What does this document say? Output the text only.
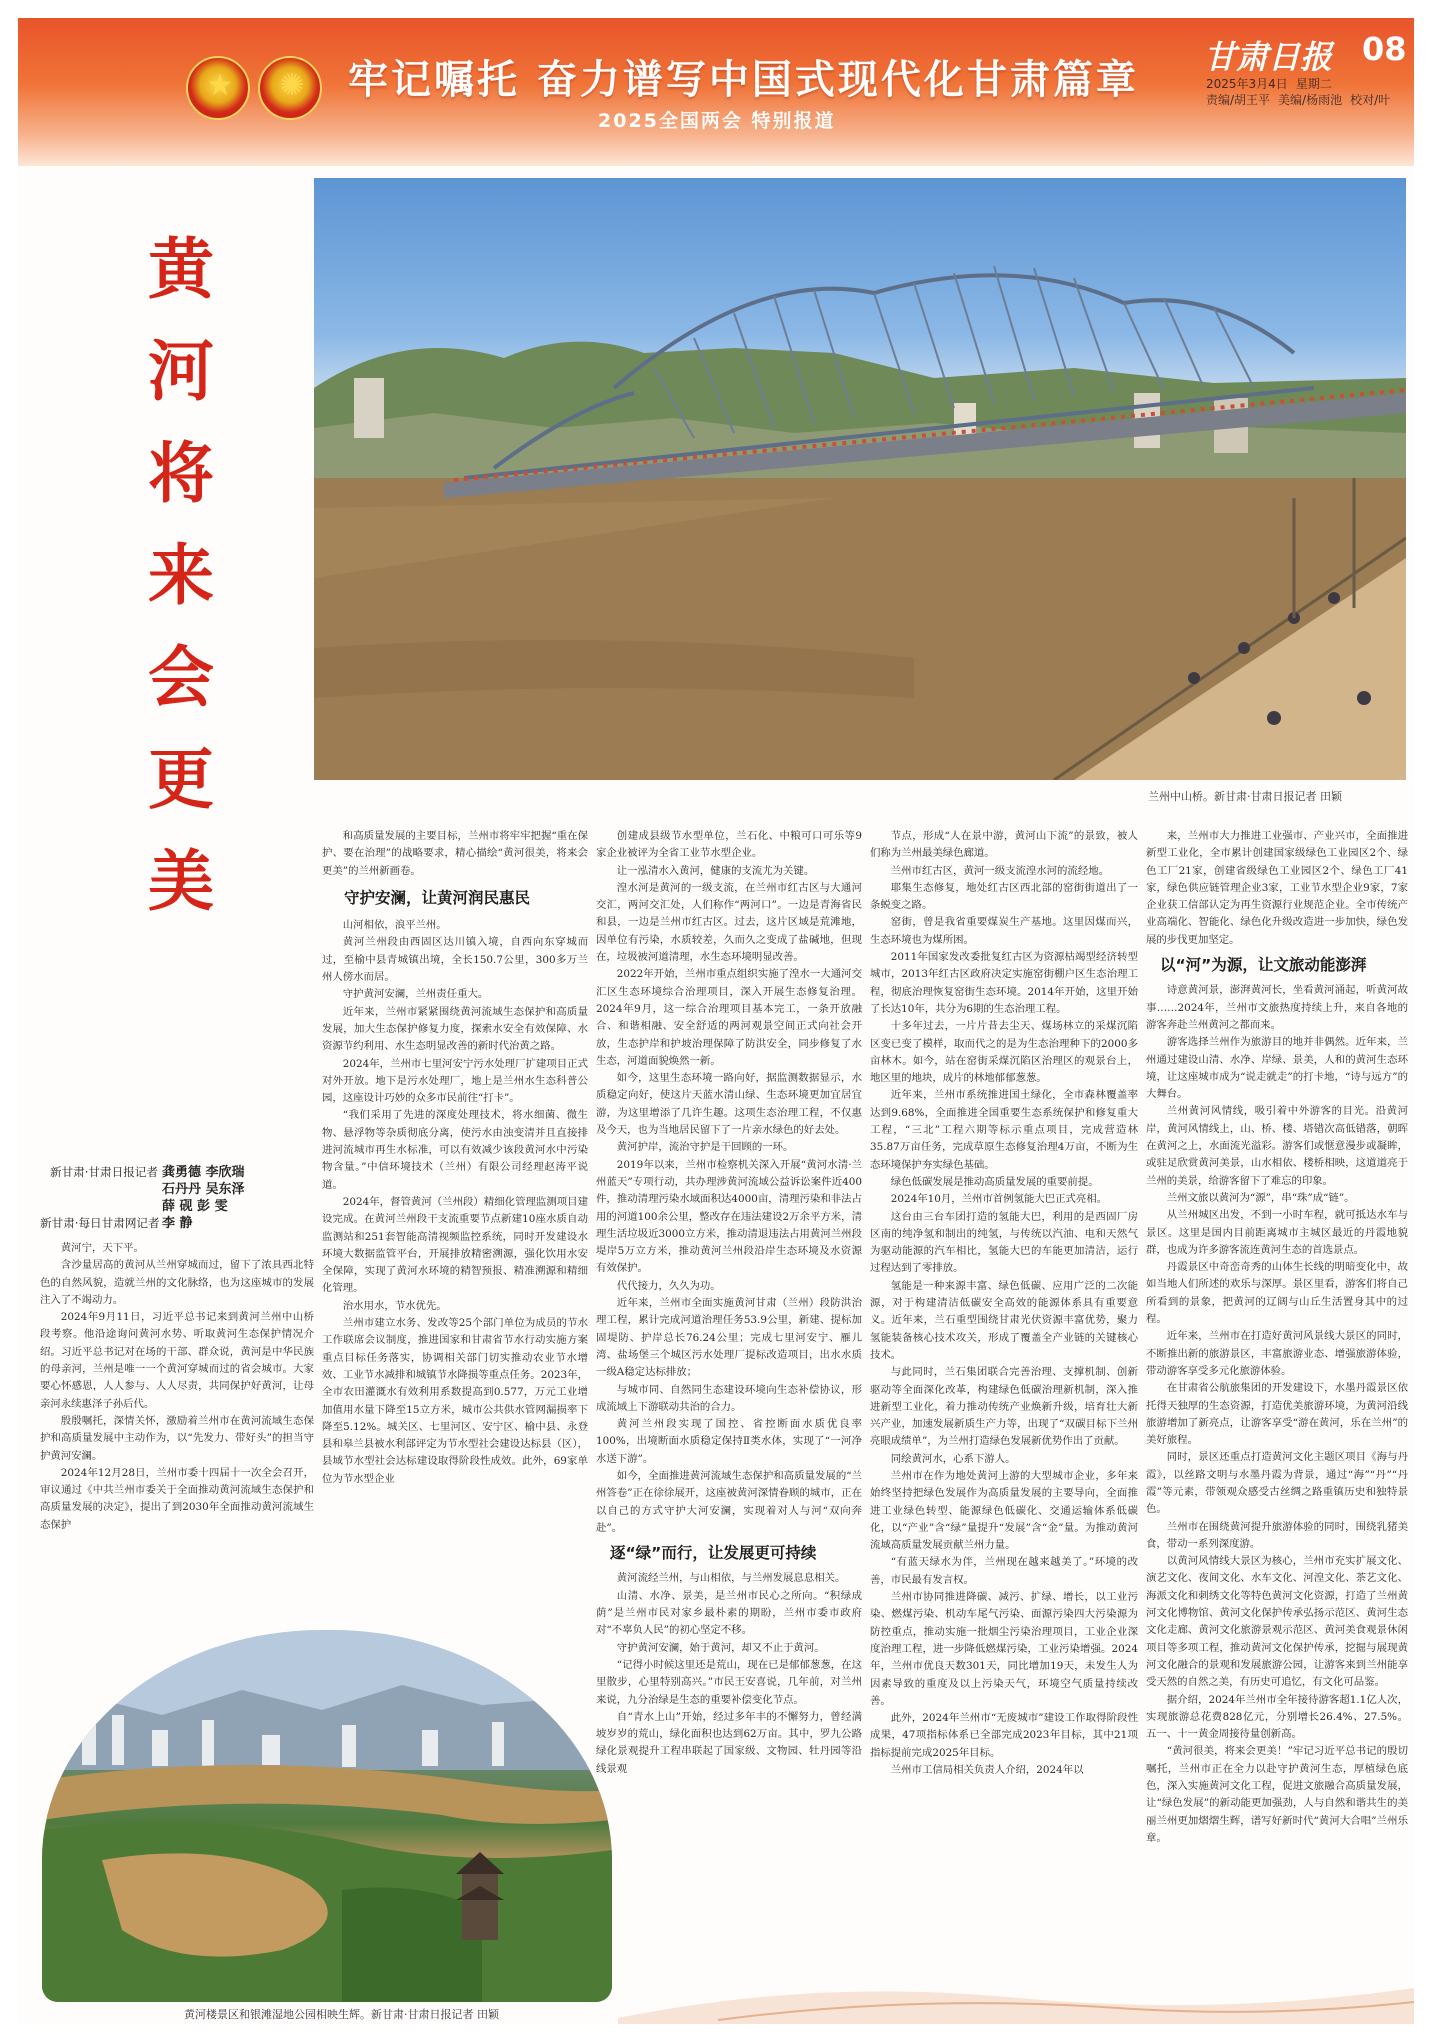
★ ✺ 牢记嘱托 奋力谱写中国式现代化甘肃篇章
2025全国两会 特别报道
甘肃日报 08
2025年3月4日 星期二
责编/胡王平 美编/杨雨池 校对/叶
黄
河
将
来
会
更
美
兰州中山桥。新甘肃·甘肃日报记者 田颖
新甘肃·甘肃日报记者 龚勇德 李欣瑞
石丹丹 吴东泽
薛 砚 彭 雯
新甘肃·每日甘肃网记者 李 静

黄河宁，天下平。

含沙量居高的黄河从兰州穿城而过，留下了浓具西北特色的自然风貌，造就兰州的文化脉络，也为这座城市的发展注入了不竭动力。

2024年9月11日，习近平总书记来到黄河兰州中山桥段考察。他沿途询问黄河水势、听取黄河生态保护情况介绍。习近平总书记对在场的干部、群众说，黄河是中华民族的母亲河，兰州是唯一一个黄河穿城而过的省会城市。大家要心怀感恩，人人参与、人人尽责，共同保护好黄河，让母亲河永续惠泽子孙后代。

殷殷嘱托，深情关怀，激励着兰州市在黄河流域生态保护和高质量发展中主动作为，以“先发力、带好头”的担当守护黄河安澜。

2024年12月28日，兰州市委十四届十一次全会召开，审议通过《中共兰州市委关于全面推动黄河流域生态保护和高质量发展的决定》，提出了到2030年全面推动黄河流域生态保护

和高质量发展的主要目标，兰州市将牢牢把握“重在保护、要在治理”的战略要求，精心描绘“黄河很美，将来会更美”的兰州新画卷。

守护安澜，让黄河润民惠民

山河相依，浪平兰州。

黄河兰州段由西固区达川镇入境，自西向东穿城而过，至榆中县青城镇出境，全长150.7公里，300多万兰州人傍水而居。

守护黄河安澜，兰州责任重大。

近年来，兰州市紧紧围绕黄河流域生态保护和高质量发展，加大生态保护修复力度，探索水安全有效保障、水资源节约利用、水生态明显改善的新时代治黄之路。

2024年，兰州市七里河安宁污水处理厂扩建项目正式对外开放。地下是污水处理厂，地上是兰州水生态科普公园，这座设计巧妙的众多市民前往“打卡”。

“我们采用了先进的深度处理技术，将水细菌、微生物、悬浮物等杂质彻底分离，使污水由浊变清并且直接排进河流城市再生水标准，可以有效减少该段黄河水中污染物含量。”中信环境技术（兰州）有限公司经理赵涛平说道。

2024年，督管黄河（兰州段）精细化管理监测项目建设完成。在黄河兰州段干支流重要节点新建10座水质自动监测站和251套智能高清视频监控系统，同时开发建设水环境大数据监管平台，开展排放精密溯源，强化饮用水安全保障，实现了黄河水环境的精智预报、精准溯源和精细化管理。

治水用水，节水优先。

兰州市建立水务、发改等25个部门单位为成员的节水工作联席会议制度，推进国家和甘肃省节水行动实施方案重点目标任务落实，协调相关部门切实推动农业节水增效、工业节水减排和城镇节水降损等重点任务。2023年，全市农田灌溉水有效利用系数提高到0.577，万元工业增加值用水量下降至15立方米，城市公共供水管网漏损率下降至5.12%。城关区、七里河区、安宁区、榆中县、永登县和皋兰县被水利部评定为节水型社会建设达标县（区），县域节水型社会达标建设取得阶段性成效。此外，69家单位为节水型企业

创建成县级节水型单位，兰石化、中粮可口可乐等9家企业被评为全省工业节水型企业。

让一泓清水入黄河，健康的支流尤为关键。

湟水河是黄河的一级支流，在兰州市红古区与大通河交汇，两河交汇处，人们称作“两河口”。一边是青海省民和县，一边是兰州市红古区。过去，这片区域是荒滩地，因单位有污染，水质较差，久而久之变成了盐碱地，但现在，垃圾被河道清理，水生态环境明显改善。

2022年开始，兰州市重点组织实施了湟水一大通河交汇区生态环境综合治理项目，深入开展生态修复治理。2024年9月，这一综合治理项目基本完工，一条开放融合、和谐相融、安全舒适的两河观景空间正式向社会开放，生态护岸和护坡治理保障了防洪安全，同步修复了水生态，河道面貌焕然一新。

如今，这里生态环境一路向好，据监测数据显示，水质稳定向好，使这片天蓝水清山绿、生态环境更加宜居宜游，为这里增添了几许生趣。这项生态治理工程，不仅惠及今天，也为当地居民留下了一片亲水绿色的好去处。

黄河护岸，流治守护是干回顾的一环。

2019年以来，兰州市检察机关深入开展“黄河水清·兰州蓝天”专项行动，共办理涉黄河流域公益诉讼案件近400件，推动清理污染水域面积达4000亩，清理污染和非法占用的河道100余公里，整改存在违法建设2万余平方米，清理生活垃圾近3000立方米，推动清退违法占用黄河兰州段堤岸5万立方米，推动黄河兰州段沿岸生态环境及水资源有效保护。

代代接力，久久为功。

近年来，兰州市全面实施黄河甘肃（兰州）段防洪治理工程，累计完成河道治理任务53.9公里，新建、提标加固堤防、护岸总长76.24公里；完成七里河安宁、雁儿湾、盐场堡三个城区污水处理厂提标改造项目，出水水质一级A稳定达标排放；

与城市同、自然同生态建设环境向生态补偿协议，形成流域上下游联动共治的合力。

黄河兰州段实现了国控、省控断面水质优良率100%，出境断面水质稳定保持Ⅱ类水体，实现了“一河净水送下游”。

如今，全面推进黄河流域生态保护和高质量发展的“兰州答卷”正在徐徐展开，这座被黄河深情眷顾的城市，正在以自己的方式守护大河安澜，实现着对人与河“双向奔赴”。

逐“绿”而行，让发展更可持续

黄河流经兰州，与山相依，与兰州发展息息相关。

山清、水净、景美，是兰州市民心之所向。“积绿成荫”是兰州市民对家乡最朴素的期盼，兰州市委市政府对“不辜负人民”的初心坚定不移。

守护黄河安澜，始于黄河，却又不止于黄河。

“记得小时候这里还是荒山，现在已是郁郁葱葱，在这里散步，心里特别高兴。”市民王安喜说，几年前，对兰州来说，九分治绿是生态的重要补偿变化节点。

自“青水上山”开始，经过多年丰的不懈努力，曾经满坡岁岁的荒山，绿化面积也达到62万亩。其中，罗九公路绿化景观提升工程串联起了国家级、文物园、牡丹园等沿线景观

节点，形成“人在景中游，黄河山下流”的景致，被人们称为兰州最美绿色廊道。

兰州市红古区，黄河一级支流湟水河的流经地。

耶集生态修复，地处红古区西北部的窑街街道出了一条蜕变之路。

窑街，曾是我省重要煤炭生产基地。这里因煤而兴，生态环境也为煤所困。

2011年国家发改委批复红古区为资源枯竭型经济转型城市，2013年红古区政府决定实施窑街棚户区生态治理工程，彻底治理恢复窑街生态环境。2014年开始，这里开始了长达10年，共分为6期的生态治理工程。

十多年过去，一片片昔去尘天、煤场林立的采煤沉陷区变已变了模样，取而代之的是为生态治理种下的2000多亩林木。如今，站在窑街采煤沉陷区治理区的观景台上，地区里的地块，成片的林地郁郁葱葱。

近年来，兰州市系统推进国土绿化，全市森林覆盖率达到9.68%，全面推进全国重要生态系统保护和修复重大工程，“三北”工程六期等标示重点项目，完成营造林35.87万亩任务，完成草原生态修复治理4万亩，不断为生态环境保护夯实绿色基础。

绿色低碳发展是推动高质量发展的重要前提。

2024年10月，兰州市首例氢能大巴正式亮相。

这台由三台车团打造的氢能大巴，利用的是西固厂房区南的纯净氢和制出的纯氢，与传统以汽油、电和天然气为驱动能源的汽车相比，氢能大巴的车能更加清洁，运行过程达到了零排放。

氢能是一种来源丰富、绿色低碳、应用广泛的二次能源，对于构建清洁低碳安全高效的能源体系具有重要意义。近年来，兰石重型围绕甘肃光伏资源丰富优势，聚力氢能装备核心技术攻关，形成了覆盖全产业链的关键核心技术。

与此同时，兰石集团联合完善治理、支撑机制、创新驱动等全面深化改革，构建绿色低碳治理新机制，深入推进新型工业化，着力推动传统产业焕新升级，培育壮大新兴产业，加速发展新质生产力等，出现了“双碳目标下兰州亮眼成绩单”，为兰州打造绿色发展新优势作出了贡献。

同绘黄河水，心系下游人。

兰州市在作为地处黄河上游的大型城市企业，多年来始终坚持把绿色发展作为高质量发展的主要导向，全面推进工业绿色转型、能源绿色低碳化、交通运输体系低碳化，以“产业”含“绿”量提升“发展”含“金”量。为推动黄河流域高质量发展贡献兰州力量。

“有蓝天绿水为伴，兰州现在越来越美了。”环境的改善，市民最有发言权。

兰州市协同推进降碳、减污、扩绿、增长，以工业污染、燃煤污染、机动车尾气污染、面源污染四大污染源为防控重点，推动实施一批烟尘污染治理项目，工业企业深度治理工程，进一步降低燃煤污染，工业污染增强。2024年，兰州市优良天数301天，同比增加19天，未发生人为因素导致的重度及以上污染天气，环境空气质量持续改善。

此外，2024年兰州市“无废城市”建设工作取得阶段性成果，47项指标体系已全部完成2023年目标，其中21项指标提前完成2025年目标。

兰州市工信局相关负责人介绍，2024年以

来，兰州市大力推进工业强市、产业兴市，全面推进新型工业化，全市累计创建国家级绿色工业园区2个、绿色工厂21家，创建省级绿色工业园区2个、绿色工厂41家，绿色供应链管理企业3家，工业节水型企业9家，7家企业获工信部认定为再生资源行业规范企业。全市传统产业高端化、智能化、绿色化升级改造进一步加快，绿色发展的步伐更加坚定。

以“河”为源，让文旅动能澎湃

诗意黄河景，澎湃黄河长，坐看黄河涌起，听黄河故事……2024年，兰州市文旅热度持续上升，来自各地的游客奔赴兰州黄河之都而来。

游客选择兰州作为旅游目的地并非偶然。近年来，兰州通过建设山清、水净、岸绿、景美，人和的黄河生态环境，让这座城市成为“说走就走”的打卡地，“诗与远方”的大舞台。

兰州黄河风情线，吸引着中外游客的目光。沿黄河岸，黄河风情线上，山、桥、楼、塔错次高低错落，朝晖在黄河之上，水面流光溢彩。游客们或惬意漫步或凝眸，或驻足欣赏黄河美景，山水相依、楼桥相映，这道道亮于兰州的美景，给游客留下了难忘的印象。

兰州文旅以黄河为“源”，串“珠”成“链”。

从兰州城区出发，不到一小时车程，就可抵达水车与景区。这里是国内目前距离城市主城区最近的丹霞地貌群，也成为许多游客流连黄河生态的首选景点。

丹霞景区中奇峦奇秀的山体生长线的明暗变化中，故如当地人们所述的欢乐与深厚。景区里看，游客们将自己所看到的景象，把黄河的辽阔与山丘生活置身其中的过程。

近年来，兰州市在打造好黄河风景线大景区的同时，不断推出新的旅游景区，丰富旅游业态、增强旅游体验，带动游客享受多元化旅游体验。

在甘肃省公航旅集团的开发建设下，水墨丹霞景区依托得天独厚的生态资源，打造优美旅游环境，为黄河沿线旅游增加了新亮点，让游客享受“游在黄河，乐在兰州”的美好旅程。

同时，景区还重点打造黄河文化主题区项目《海与丹霞》，以丝路文明与水墨丹霞为背景，通过“海”“丹”“丹霞”等元素，带领观众感受古丝绸之路重镇历史和独特景色。

兰州市在围绕黄河提升旅游体验的同时，围绕乳猪美食，带动一系列深度游。

以黄河风情线大景区为核心，兰州市充实扩展文化、演艺文化、夜间文化、水车文化、河湟文化、茶艺文化、海派文化和刺绣文化等特色黄河文化资源，打造了兰州黄河文化博物馆、黄河文化保护传承弘扬示范区、黄河生态文化走廊、黄河文化旅游景观示范区、黄河美食观景休闲项目等多项工程，推动黄河文化保护传承，挖掘与展现黄河文化融合的景观和发展旅游公园，让游客来到兰州能享受天然的自然之美，有历史可追忆，有文化可品鉴。

据介绍，2024年兰州市全年接待游客超1.1亿人次，实现旅游总花费828亿元，分别增长26.4%、27.5%。五一、十一黄金周接待量创新高。

“黄河很美，将来会更美！”牢记习近平总书记的殷切嘱托，兰州市正在全力以赴守护黄河生态，厚植绿色底色，深入实施黄河文化工程，促进文旅融合高质量发展，让“绿色发展”的新动能更加强劲，人与自然和谐共生的美丽兰州更加熠熠生辉，谱写好新时代“黄河大合唱”兰州乐章。

黄河楼景区和银滩湿地公园相映生辉。新甘肃·甘肃日报记者 田颖
